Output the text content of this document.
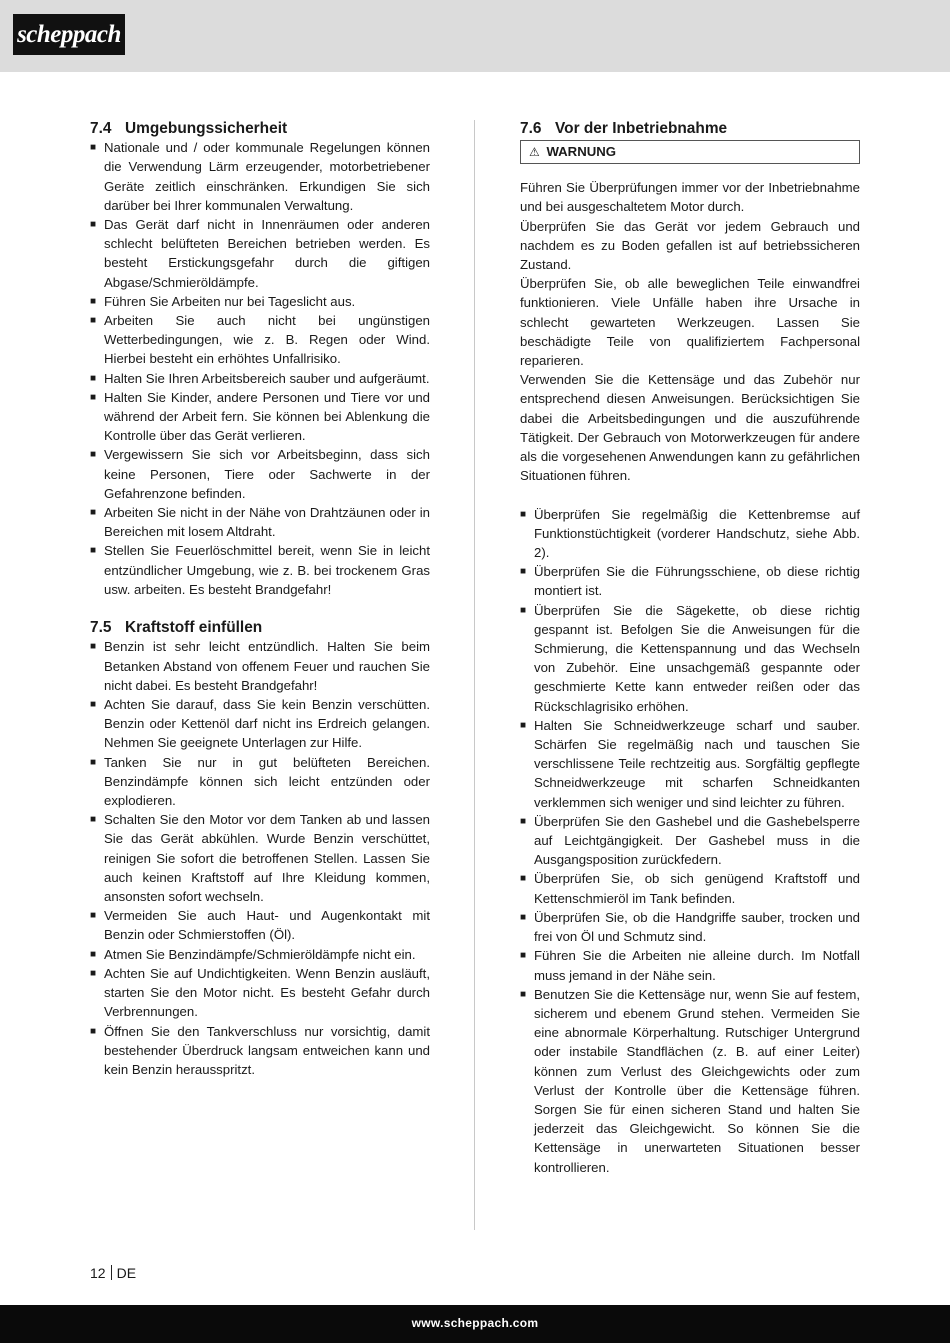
scheppach
7.4 Umgebungssicherheit
■ Nationale und / oder kommunale Regelungen können die Verwendung Lärm erzeugender, motorbetriebener Geräte zeitlich einschränken. Erkundigen Sie sich darüber bei Ihrer kommunalen Verwaltung.
■ Das Gerät darf nicht in Innenräumen oder anderen schlecht belüfteten Bereichen betrieben werden. Es besteht Erstickungsgefahr durch die giftigen Abgase/Schmieröldämpfe.
■ Führen Sie Arbeiten nur bei Tageslicht aus.
■ Arbeiten Sie auch nicht bei ungünstigen Wetterbedingungen, wie z. B. Regen oder Wind. Hierbei besteht ein erhöhtes Unfallrisiko.
■ Halten Sie Ihren Arbeitsbereich sauber und aufgeräumt.
■ Halten Sie Kinder, andere Personen und Tiere vor und während der Arbeit fern. Sie können bei Ablenkung die Kontrolle über das Gerät verlieren.
■ Vergewissern Sie sich vor Arbeitsbeginn, dass sich keine Personen, Tiere oder Sachwerte in der Gefahrenzone befinden.
■ Arbeiten Sie nicht in der Nähe von Drahtzäunen oder in Bereichen mit losem Altdraht.
■ Stellen Sie Feuerlöschmittel bereit, wenn Sie in leicht entzündlicher Umgebung, wie z. B. bei trockenem Gras usw. arbeiten. Es besteht Brandgefahr!
7.5 Kraftstoff einfüllen
■ Benzin ist sehr leicht entzündlich. Halten Sie beim Betanken Abstand von offenem Feuer und rauchen Sie nicht dabei. Es besteht Brandgefahr!
■ Achten Sie darauf, dass Sie kein Benzin verschütten. Benzin oder Kettenöl darf nicht ins Erdreich gelangen. Nehmen Sie geeignete Unterlagen zur Hilfe.
■ Tanken Sie nur in gut belüfteten Bereichen. Benzindämpfe können sich leicht entzünden oder explodieren.
■ Schalten Sie den Motor vor dem Tanken ab und lassen Sie das Gerät abkühlen. Wurde Benzin verschüttet, reinigen Sie sofort die betroffenen Stellen. Lassen Sie auch keinen Kraftstoff auf Ihre Kleidung kommen, ansonsten sofort wechseln.
■ Vermeiden Sie auch Haut- und Augenkontakt mit Benzin oder Schmierstoffen (Öl).
■ Atmen Sie Benzindämpfe/Schmieröldämpfe nicht ein.
■ Achten Sie auf Undichtigkeiten. Wenn Benzin ausläuft, starten Sie den Motor nicht. Es besteht Gefahr durch Verbrennungen.
■ Öffnen Sie den Tankverschluss nur vorsichtig, damit bestehender Überdruck langsam entweichen kann und kein Benzin herausspritzt.
7.6 Vor der Inbetriebnahme
⚠ WARNUNG

Führen Sie Überprüfungen immer vor der Inbetriebnahme und bei ausgeschaltetem Motor durch.

Überprüfen Sie das Gerät vor jedem Gebrauch und nachdem es zu Boden gefallen ist auf betriebssicheren Zustand.

Überprüfen Sie, ob alle beweglichen Teile einwandfrei funktionieren. Viele Unfälle haben ihre Ursache in schlecht gewarteten Werkzeugen. Lassen Sie beschädigte Teile von qualifiziertem Fachpersonal reparieren.

Verwenden Sie die Kettensäge und das Zubehör nur entsprechend diesen Anweisungen. Berücksichtigen Sie dabei die Arbeitsbedingungen und die auszuführende Tätigkeit. Der Gebrauch von Motorwerkzeugen für andere als die vorgesehenen Anwendungen kann zu gefährlichen Situationen führen.

■ Überprüfen Sie regelmäßig die Kettenbremse auf Funktionstüchtigkeit (vorderer Handschutz, siehe Abb. 2).
■ Überprüfen Sie die Führungsschiene, ob diese richtig montiert ist.
■ Überprüfen Sie die Sägekette, ob diese richtig gespannt ist. Befolgen Sie die Anweisungen für die Schmierung, die Kettenspannung und das Wechseln von Zubehör. Eine unsachgemäß gespannte oder geschmierte Kette kann entweder reißen oder das Rückschlagrisiko erhöhen.
■ Halten Sie Schneidwerkzeuge scharf und sauber. Schärfen Sie regelmäßig nach und tauschen Sie verschlissene Teile rechtzeitig aus. Sorgfältig gepflegte Schneidwerkzeuge mit scharfen Schneidkanten verklemmen sich weniger und sind leichter zu führen.
■ Überprüfen Sie den Gashebel und die Gashebelsperre auf Leichtgängigkeit. Der Gashebel muss in die Ausgangsposition zurückfedern.
■ Überprüfen Sie, ob sich genügend Kraftstoff und Kettenschmieröl im Tank befinden.
■ Überprüfen Sie, ob die Handgriffe sauber, trocken und frei von Öl und Schmutz sind.
■ Führen Sie die Arbeiten nie alleine durch. Im Notfall muss jemand in der Nähe sein.
■ Benutzen Sie die Kettensäge nur, wenn Sie auf festem, sicherem und ebenem Grund stehen. Vermeiden Sie eine abnormale Körperhaltung. Rutschiger Untergrund oder instabile Standflächen (z. B. auf einer Leiter) können zum Verlust des Gleichgewichts oder zum Verlust der Kontrolle über die Kettensäge führen. Sorgen Sie für einen sicheren Stand und halten Sie jederzeit das Gleichgewicht. So können Sie die Kettensäge in unerwarteten Situationen besser kontrollieren.
12 DE
www.scheppach.com
